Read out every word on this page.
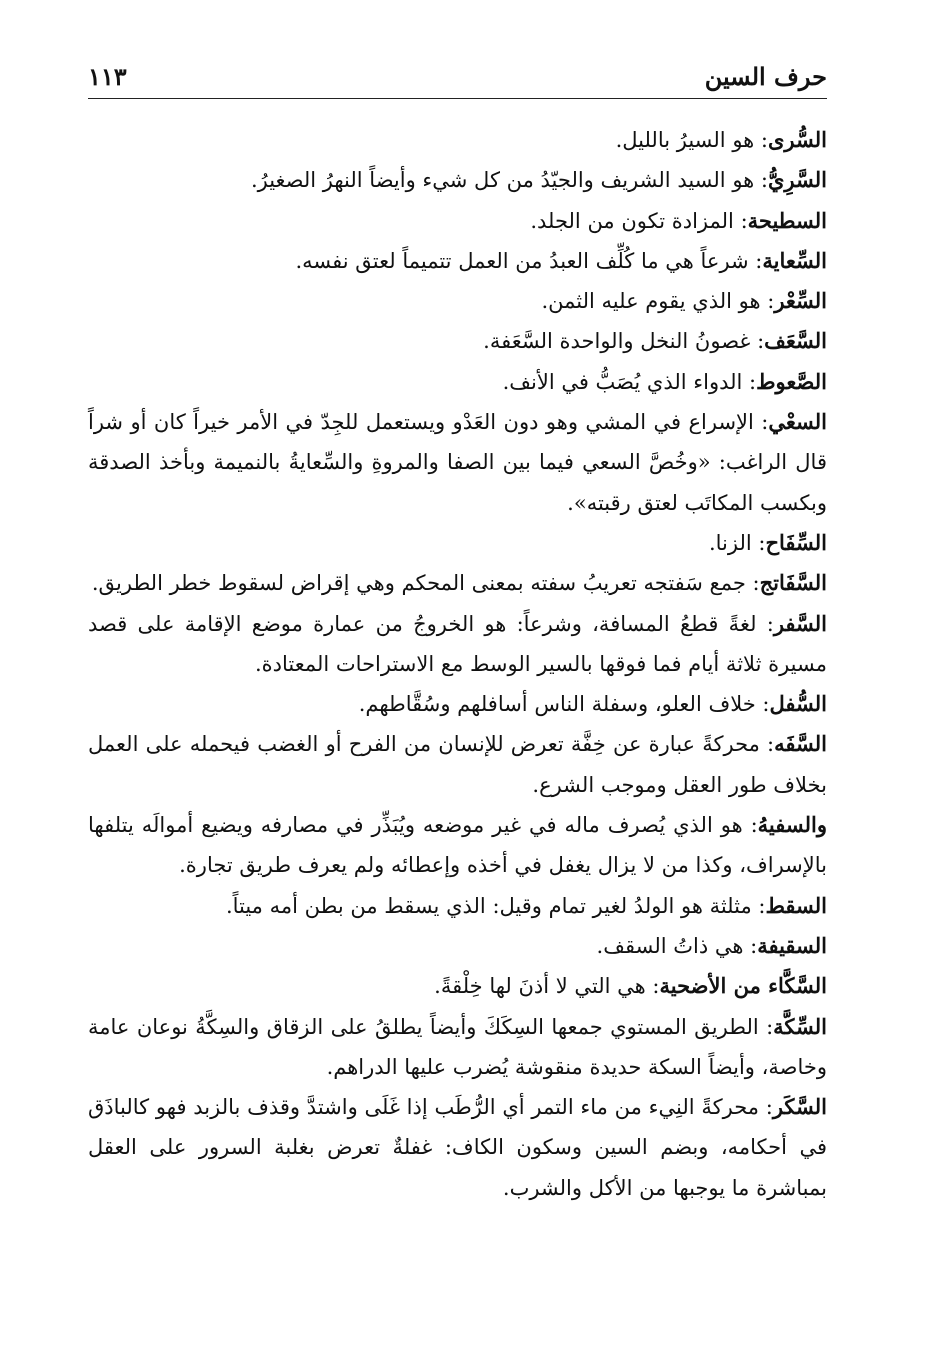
حرف السين
١١٣

السُّرى: هو السيرُ بالليل.

السَّرِيُّ: هو السيد الشريف والجيّدُ من كل شيء وأيضاً النهرُ الصغيرُ.

السطيحة: المزادة تكون من الجلد.

السِّعاية: شرعاً هي ما كُلِّف العبدُ من العمل تتميماً لعتق نفسه.

السِّعْر: هو الذي يقوم عليه الثمن.

السَّعَف: غصونُ النخل والواحدة السَّعَفة.

الصَّعوط: الدواء الذي يُصَبُّ في الأنف.

السعْي: الإسراع في المشي وهو دون العَدْو ويستعمل للجِدّ في الأمر خيراً كان أو شراً قال الراغب: «وخُصَّ السعي فيما بين الصفا والمروةِ والسِّعايةُ بالنميمة وبأخذ الصدقة وبكسب المكاتَب لعتق رقبته».

السِّفَاح: الزنا.

السَّفَاتج: جمع سَفتجه تعريبُ سفته بمعنى المحكم وهي إقراض لسقوط خطر الطريق.

السَّفر: لغةً قطعُ المسافة، وشرعاً: هو الخروجُ من عمارة موضع الإقامة على قصد مسيرة ثلاثة أيام فما فوقها بالسير الوسط مع الاستراحات المعتادة.

السُّفل: خلاف العلو، وسفلة الناس أسافلهم وسُقَّاطهم.

السَّفَه: محركةً عبارة عن خِفَّة تعرض للإنسان من الفرح أو الغضب فيحمله على العمل بخلاف طور العقل وموجب الشرع.

والسفيهُ: هو الذي يُصرف ماله في غير موضعه ويُبَذِّر في مصارفه ويضيع أموالَه يتلفها بالإسراف، وكذا من لا يزال يغفل في أخذه وإعطائه ولم يعرف طريق تجارة.

السقط: مثلثة هو الولدُ لغير تمام وقيل: الذي يسقط من بطن أمه ميتاً.

السقيفة: هي ذاتُ السقف.

السَّكَّاء من الأضحية: هي التي لا أذنَ لها خِلْقةً.

السِّكَّة: الطريق المستوي جمعها السِكَكَ وأيضاً يطلقُ على الزقاق والسِكَّةُ نوعان عامة وخاصة، وأيضاً السكة حديدة منقوشة يُضرب عليها الدراهم.

السَّكَر: محركةً النِيء من ماء التمر أي الرُّطَب إذا غَلَى واشتدَّ وقذف بالزبد فهو كالباذَق في أحكامه، وبضم السين وسكون الكاف: غفلةٌ تعرض بغلبة السرور على العقل بمباشرة ما يوجبها من الأكل والشرب.
